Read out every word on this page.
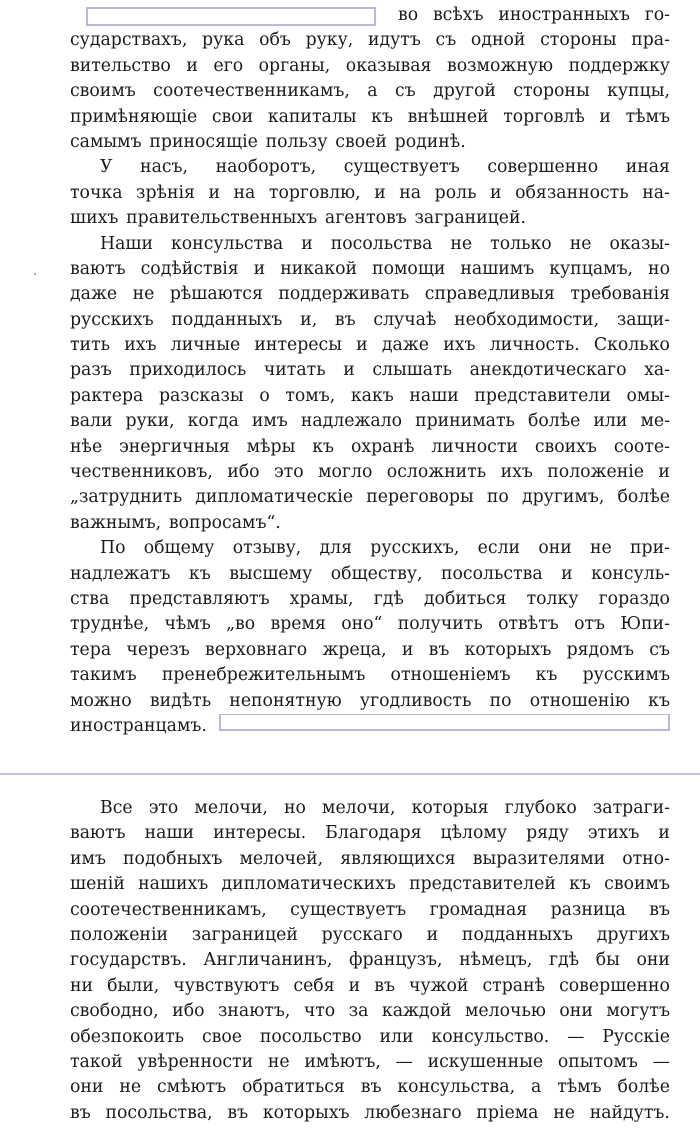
во всѣхъ иностранныхъ го-
сударствахъ, рука объ руку, идутъ съ одной стороны пра-
вительство и его органы, оказывая возможную поддержку
своимъ соотечественникамъ, а съ другой стороны купцы,
примѣняющіе свои капиталы къ внѣшней торговлѣ и тѣмъ
самымъ приносящіе пользу своей родинѣ.
У насъ, наоборотъ, существуетъ совершенно иная
точка зрѣнія и на торговлю, и на роль и обязанность на-
шихъ правительственныхъ агентовъ заграницей.
Наши консульства и посольства не только не оказы-
ваютъ содѣйствія и никакой помощи нашимъ купцамъ, но
даже не рѣшаются поддерживать справедливыя требованія
русскихъ подданныхъ и, въ случаѣ необходимости, защи-
тить ихъ личные интересы и даже ихъ личность. Сколько
разъ приходилось читать и слышать анекдотическаго ха-
рактера разсказы о томъ, какъ наши представители омы-
вали руки, когда имъ надлежало принимать болѣе или ме-
нѣе энергичныя мѣры къ охранѣ личности своихъ сооте-
чественниковъ, ибо это могло осложнить ихъ положеніе и
„затруднить дипломатическіе переговоры по другимъ, болѣе
важнымъ, вопросамъ“.
По общему отзыву, для русскихъ, если они не при-
надлежатъ къ высшему обществу, посольства и консуль-
ства представляютъ храмы, гдѣ добиться толку гораздо
труднѣе, чѣмъ „во время оно“ получить отвѣтъ отъ Юпи-
тера черезъ верховнаго жреца, и въ которыхъ рядомъ съ
такимъ пренебрежительнымъ отношеніемъ къ русскимъ
можно видѣть непонятную угодливость по отношенію къ
иностранцамъ.
Все это мелочи, но мелочи, которыя глубоко затраги-
ваютъ наши интересы. Благодаря цѣлому ряду этихъ и
имъ подобныхъ мелочей, являющихся выразителями отно-
шеній нашихъ дипломатическихъ представителей къ своимъ
соотечественникамъ, существуетъ громадная разница въ
положеніи заграницей русскаго и подданныхъ другихъ
государствъ. Англичанинъ, французъ, нѣмецъ, гдѣ бы они
ни были, чувствуютъ себя и въ чужой странѣ совершенно
свободно, ибо знаютъ, что за каждой мелочью они могутъ
обезпокоить свое посольство или консульство. — Русскіе
такой увѣренности не имѣютъ, — искушенные опытомъ —
они не смѣютъ обратиться въ консульства, а тѣмъ болѣе
въ посольства, въ которыхъ любезнаго пріема не найдутъ.
